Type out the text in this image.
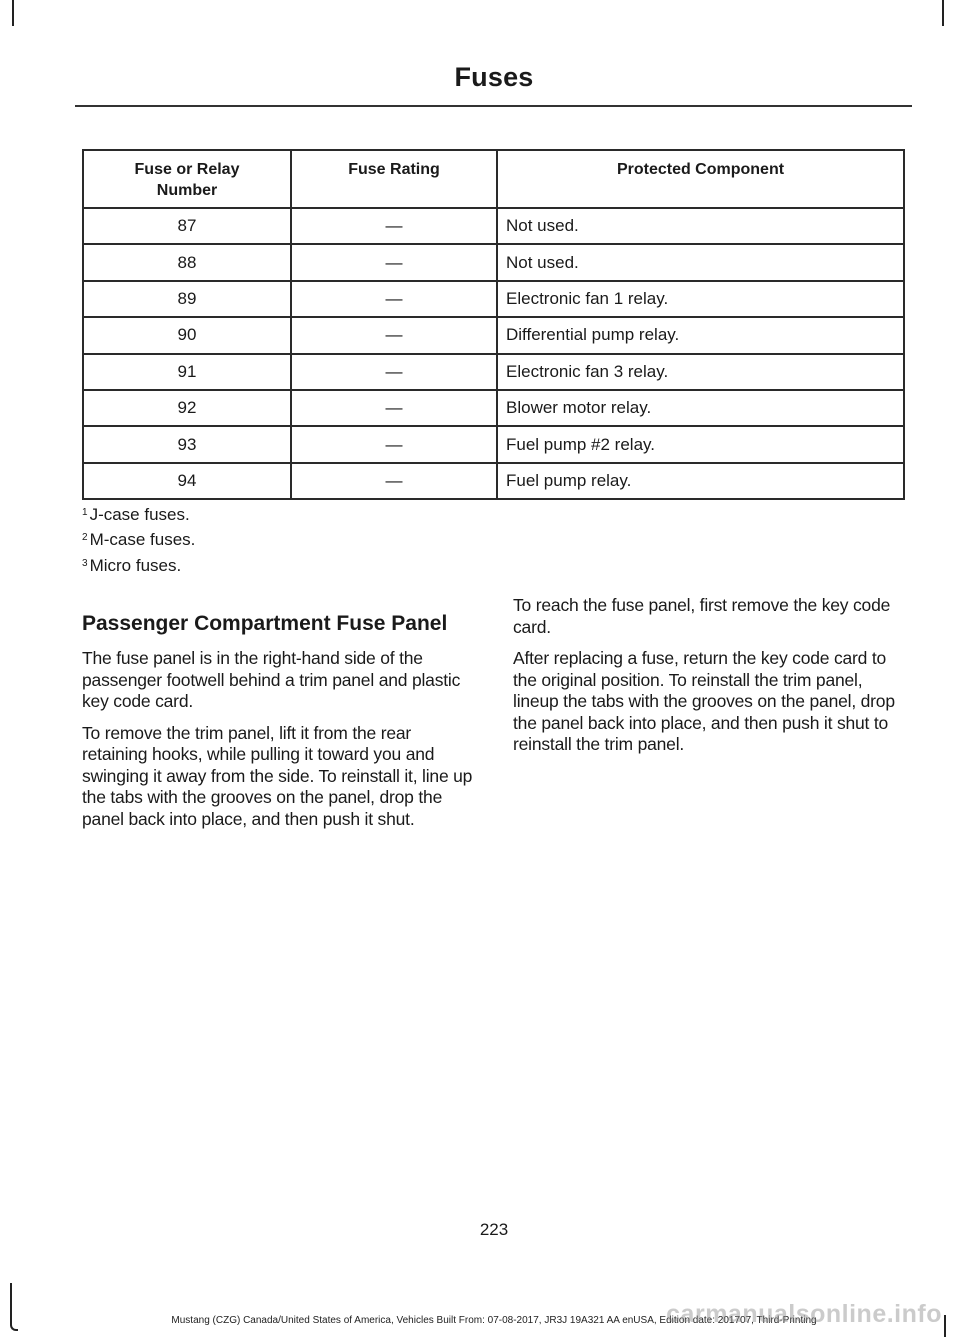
Fuses
Fuse or Relay Number	Fuse Rating	Protected Component
87	—	Not used.
88	—	Not used.
89	—	Electronic fan 1 relay.
90	—	Differential pump relay.
91	—	Electronic fan 3 relay.
92	—	Blower motor relay.
93	—	Fuel pump #2 relay.
94	—	Fuel pump relay.
$^1$ J-case fuses.
$^2$ M-case fuses.
$^3$ Micro fuses.
Passenger Compartment Fuse Panel

The fuse panel is in the right-hand side of the passenger footwell behind a trim panel and plastic key code card.

To remove the trim panel, lift it from the rear retaining hooks, while pulling it toward you and swinging it away from the side. To reinstall it, line up the tabs with the grooves on the panel, drop the panel back into place, and then push it shut.

To reach the fuse panel, first remove the key code card.

After replacing a fuse, return the key code card to the original position. To reinstall the trim panel, lineup the tabs with the grooves on the panel, drop the panel back into place, and then push it shut to reinstall the trim panel.

223
Mustang (CZG) Canada/United States of America, Vehicles Built From: 07-08-2017, JR3J 19A321 AA enUSA, Edition date: 201707, Third-Printing
carmanualsonline.info
